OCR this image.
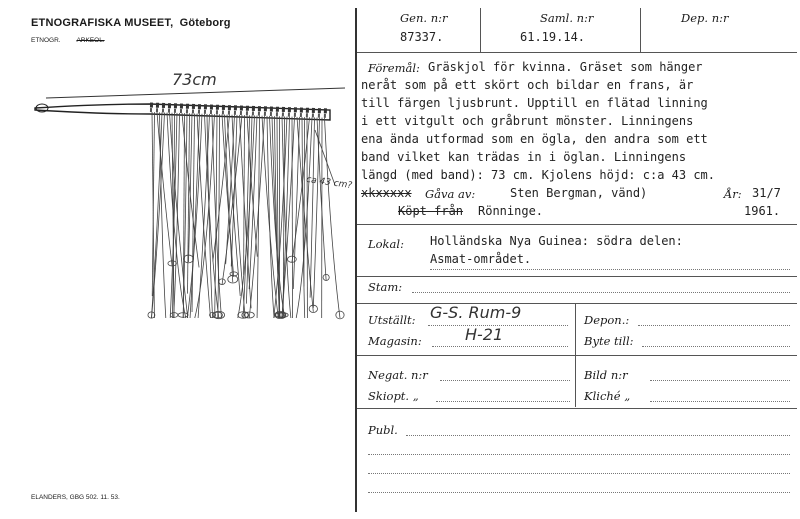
ETNOGRAFISKA MUSEET, Göteborg
ETNOGR. ARKEOL.
73cm
ca 43 cm?
ELANDERS, GBG 502. 11. 53.
Gen. n:r
87337.
Saml. n:r
61.19.14.
Dep. n:r
Föremål: Gräskjol för kvinna. Gräset som hänger
neråt som på ett skört och bildar en frans, är
till färgen ljusbrunt. Upptill en flätad linning
i ett vitgult och gråbrunt mönster. Linningens
ena ända utformad som en ögla, den andra som ett
band vilket kan trädas in i öglan. Linningens
längd (med band): 73 cm. Kjolens höjd: c:a 43 cm.
xkxxxxx Gåva av:	Sten Bergman, vänd)	År: 31/7
Köpt från Rönninge.	1961.
Lokal: Holländska Nya Guinea: södra delen:
Asmat-området.
Stam:
Utställt: G-S. Rum-9
Magasin:	H-21
Depon.:
Byte till:
Negat. n:r
Skiopt. „
Bild n:r
Kliché „
Publ.
